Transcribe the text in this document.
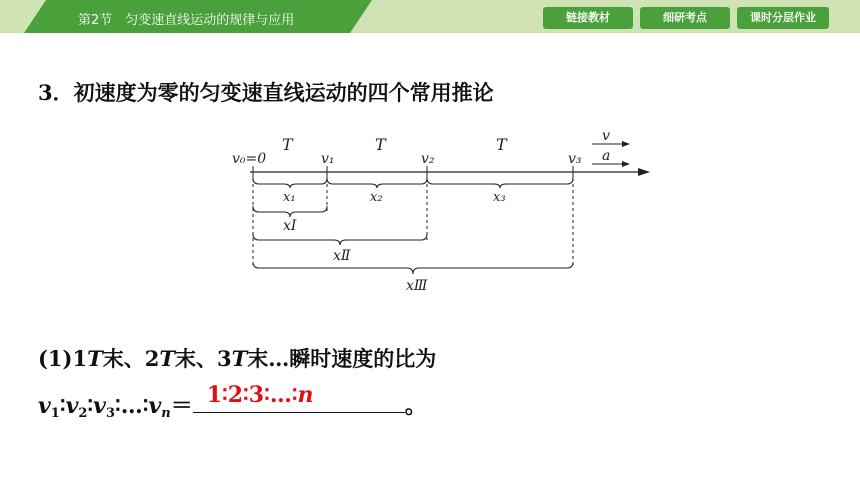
第2节　匀变速直线运动的规律与应用	链接教材	细研考点	课时分层作业
3．初速度为零的匀变速直线运动的四个常用推论
v
a
v₀=0	v₁	v₂	v₃
T	T	T
x₁	x₂	x₃
xⅠ
xⅡ
xⅢ
(1)1T末、2T末、3T末…瞬时速度的比为
$v_1∶v_2∶v_3∶\dots∶v_n=$ 1∶2∶3∶…∶n	。
